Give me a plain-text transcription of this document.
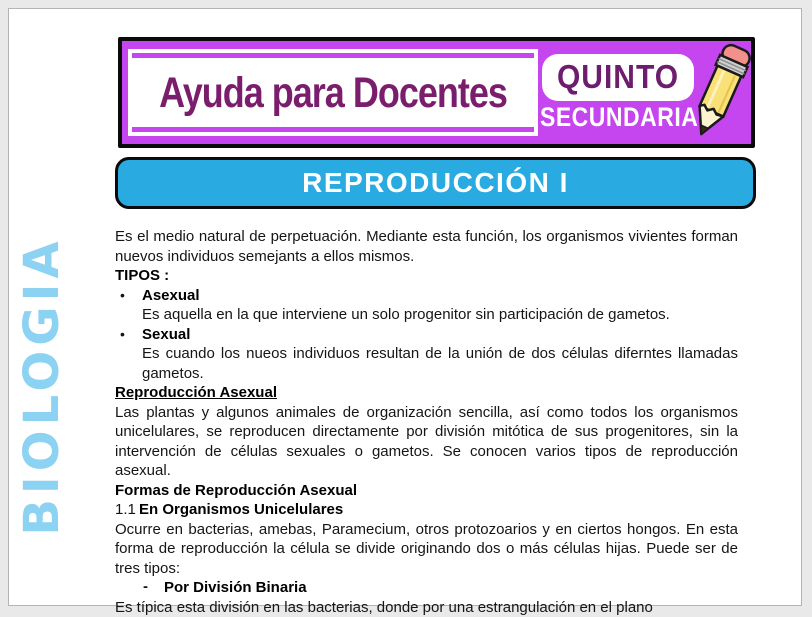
Ayuda para Docentes QUINTO
SECUNDARIA
REPRODUCCIÓN I
BIOLOGIA	Es el medio natural de perpetuación. Mediante esta función, los organismos vivientes forman nuevos individuos semejants a ellos mismos.

TIPOS :

• Asexual
Es aquella en la que interviene un solo progenitor sin participación de gametos.
• Sexual
Es cuando los nueos individuos resultan de la unión de dos células diferntes llamadas gametos.

Reproducción Asexual

Las plantas y algunos animales de organización sencilla, así como todos los organismos unicelulares, se reproducen directamente por división mitótica de sus progenitores, sin la intervención de células sexuales o gametos. Se conocen varios tipos de reproducción asexual.

Formas de Reproducción Asexual

1.1 En Organismos Unicelulares

Ocurre en bacterias, amebas, Paramecium, otros protozoarios y en ciertos hongos. En esta forma de reproducción la célula se divide originando dos o más células hijas. Puede ser de tres tipos:

- Por División Binaria

Es típica esta división en las bacterias, donde por una estrangulación en el plano
